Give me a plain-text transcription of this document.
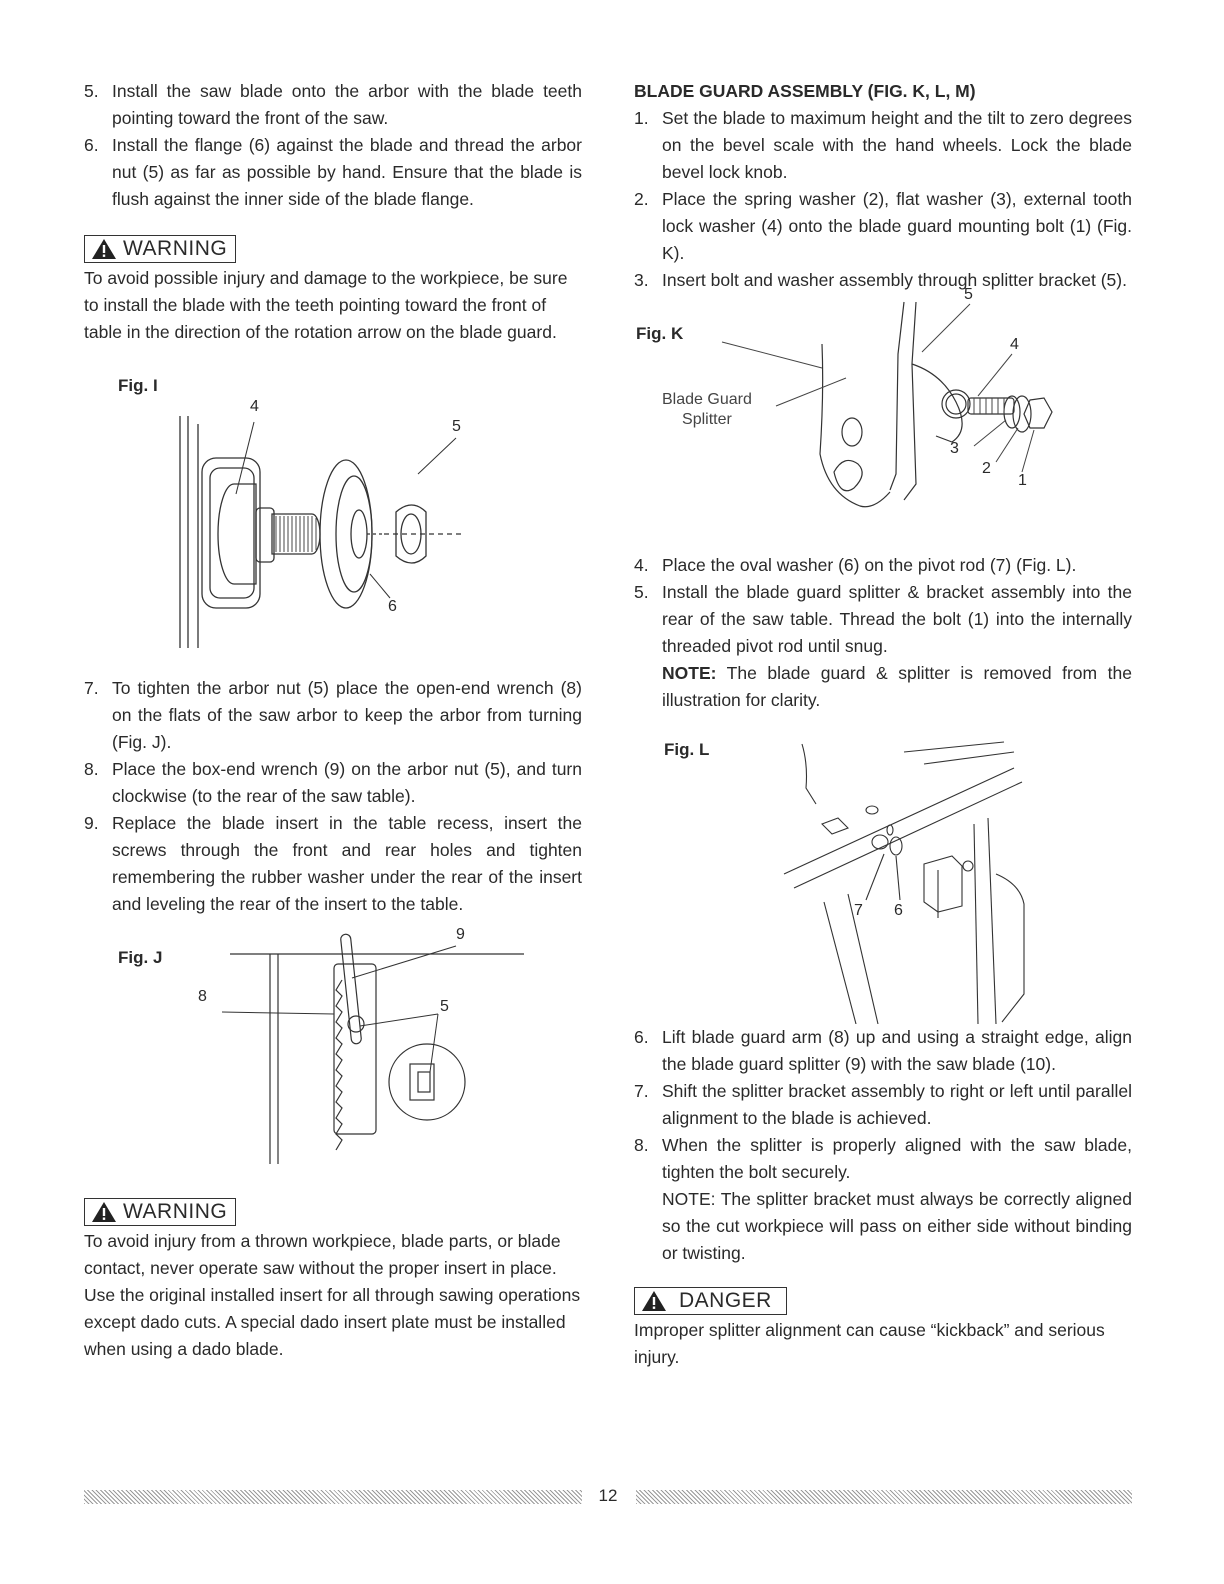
5. Install the saw blade onto the arbor with the blade teeth pointing toward the front of the saw.
6. Install the flange (6) against the blade and thread the arbor nut (5) as far as possible by hand. Ensure that the blade is flush against the inner side of the blade flange.
WARNING

To avoid possible injury and damage to the workpiece, be sure to install the blade with the teeth pointing toward the front of table in the direction of the rotation arrow on the blade guard.

Fig. I
4
5
6
7. To tighten the arbor nut (5) place the open-end wrench (8) on the flats of the saw arbor to keep the arbor from turning (Fig. J).
8. Place the box-end wrench (9) on the arbor nut (5), and turn clockwise (to the rear of the saw table).
9. Replace the blade insert in the table recess, insert the screws through the front and rear holes and tighten remembering the rubber washer under the rear of the insert and leveling the rear of the insert to the table.
Fig. J
9
8
5
WARNING

To avoid injury from a thrown workpiece, blade parts, or blade contact, never operate saw without the proper insert in place. Use the original installed insert for all through sawing operations except dado cuts. A special dado insert plate must be installed when using a dado blade.

BLADE GUARD ASSEMBLY (FIG. K, L, M)

1. Set the blade to maximum height and the tilt to zero degrees on the bevel scale with the hand wheels. Lock the blade bevel lock knob.
2. Place the spring washer (2), flat washer (3), external tooth lock washer (4) onto the blade guard mounting bolt (1) (Fig. K).
3. Insert bolt and washer assembly through splitter bracket (5).
Fig. K
Blade Guard
Splitter
5
4
3
2
1
4. Place the oval washer (6) on the pivot rod (7) (Fig. L).
5. Install the blade guard splitter & bracket assembly into the rear of the saw table. Thread the bolt (1) into the internally threaded pivot rod until snug.

NOTE: The blade guard & splitter is removed from the illustration for clarity.

Fig. L
7 6
6. Lift blade guard arm (8) up and using a straight edge, align the blade guard splitter (9) with the saw blade (10).
7. Shift the splitter bracket assembly to right or left until parallel alignment to the blade is achieved.
8. When the splitter is properly aligned with the saw blade, tighten the bolt securely.

NOTE: The splitter bracket must always be correctly aligned so the cut workpiece will pass on either side without binding or twisting.

DANGER

Improper splitter alignment can cause “kickback” and serious injury.

12
